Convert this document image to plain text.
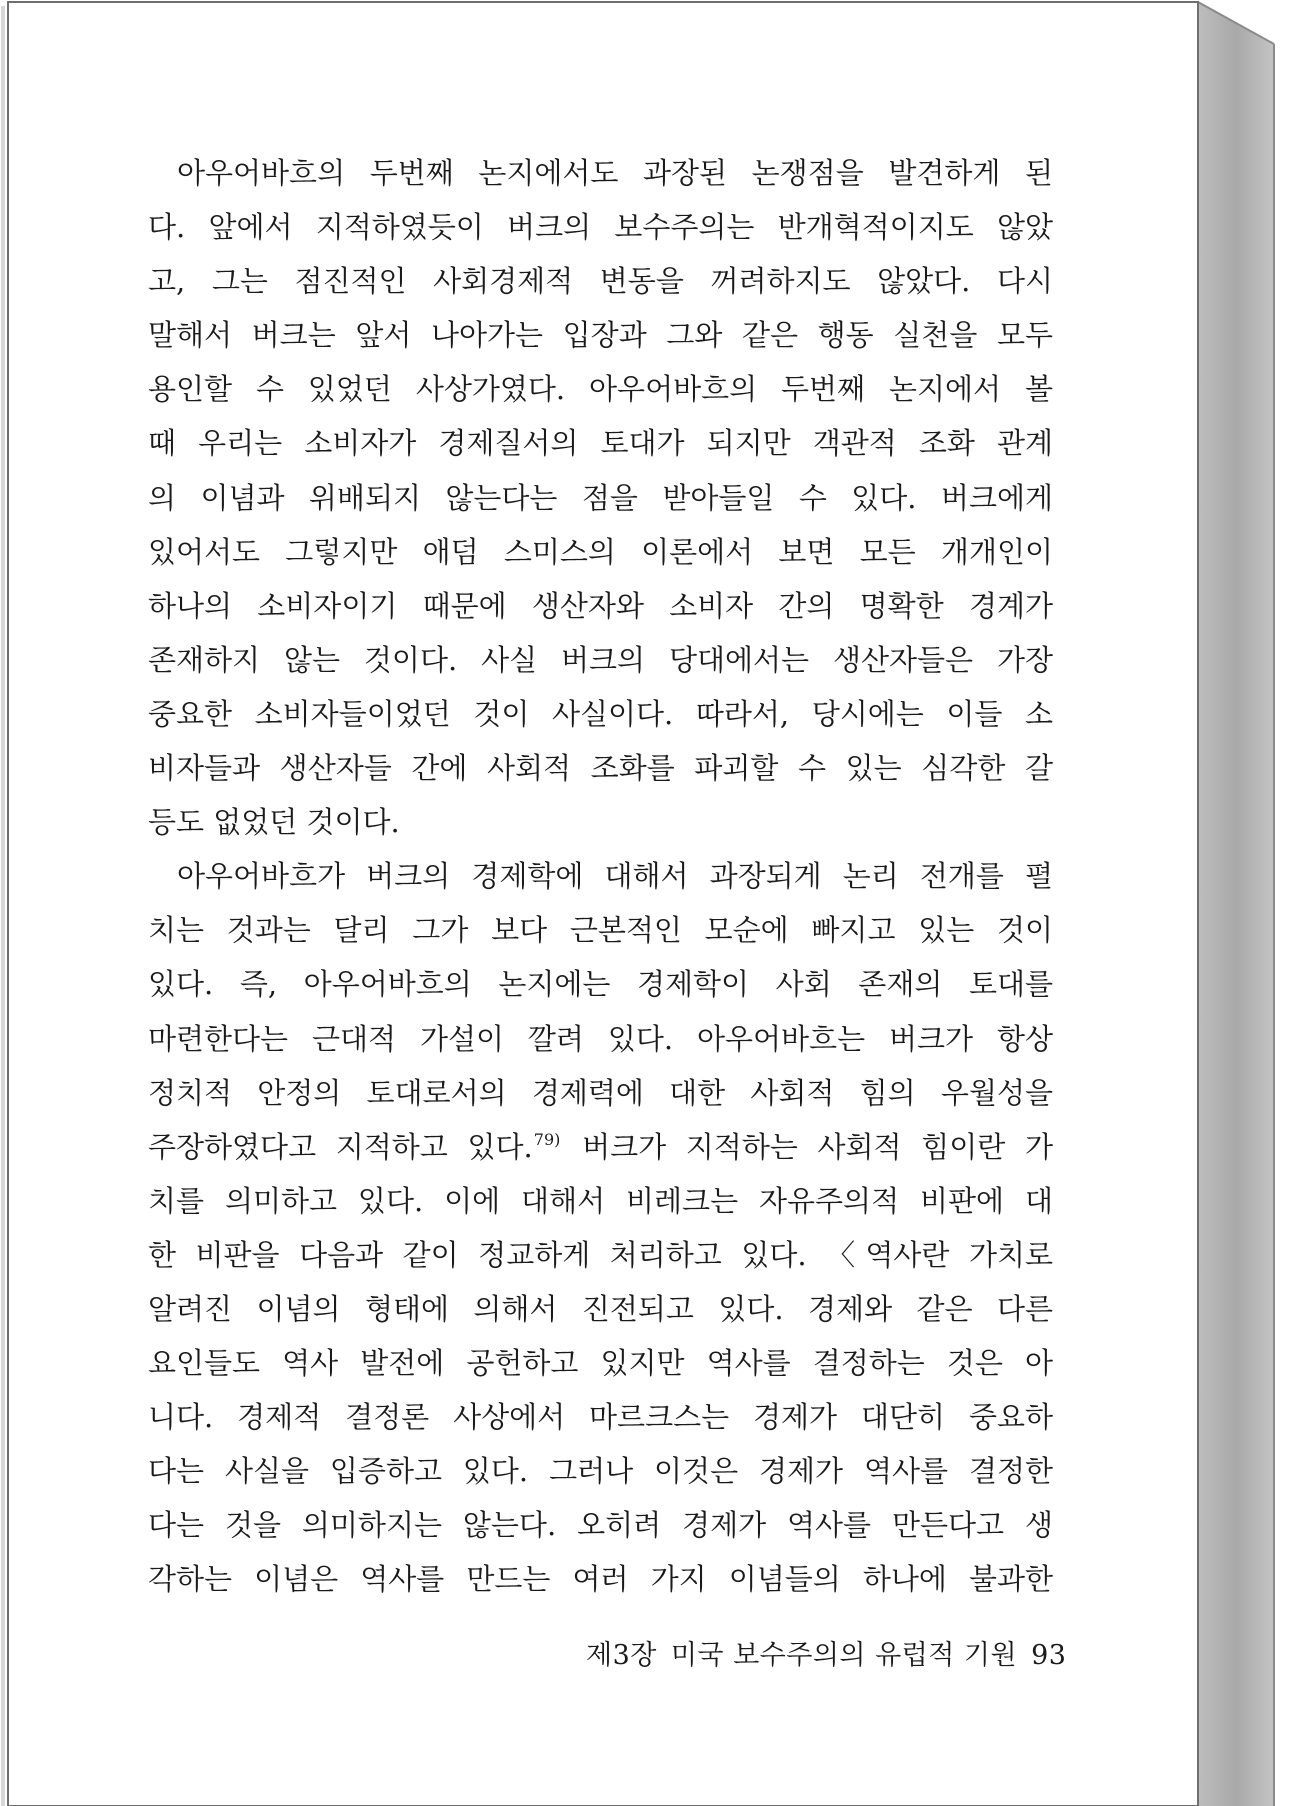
아우어바흐의 두번째 논지에서도 과장된 논쟁점을 발견하게 된
다. 앞에서 지적하였듯이 버크의 보수주의는 반개혁적이지도 않았
고, 그는 점진적인 사회경제적 변동을 꺼려하지도 않았다. 다시
말해서 버크는 앞서 나아가는 입장과 그와 같은 행동 실천을 모두
용인할 수 있었던 사상가였다. 아우어바흐의 두번째 논지에서 볼
때 우리는 소비자가 경제질서의 토대가 되지만 객관적 조화 관계
의 이념과 위배되지 않는다는 점을 받아들일 수 있다. 버크에게
있어서도 그렇지만 애덤 스미스의 이론에서 보면 모든 개개인이
하나의 소비자이기 때문에 생산자와 소비자 간의 명확한 경계가
존재하지 않는 것이다. 사실 버크의 당대에서는 생산자들은 가장
중요한 소비자들이었던 것이 사실이다. 따라서, 당시에는 이들 소
비자들과 생산자들 간에 사회적 조화를 파괴할 수 있는 심각한 갈
등도 없었던 것이다.
아우어바흐가 버크의 경제학에 대해서 과장되게 논리 전개를 펼
치는 것과는 달리 그가 보다 근본적인 모순에 빠지고 있는 것이
있다. 즉, 아우어바흐의 논지에는 경제학이 사회 존재의 토대를
마련한다는 근대적 가설이 깔려 있다. 아우어바흐는 버크가 항상
정치적 안정의 토대로서의 경제력에 대한 사회적 힘의 우월성을
주장하였다고 지적하고 있다.$^{79)}$ 버크가 지적하는 사회적 힘이란 가
치를 의미하고 있다. 이에 대해서 비레크는 자유주의적 비판에 대
한 비판을 다음과 같이 정교하게 처리하고 있다. 〈역사란 가치로
알려진 이념의 형태에 의해서 진전되고 있다. 경제와 같은 다른
요인들도 역사 발전에 공헌하고 있지만 역사를 결정하는 것은 아
니다. 경제적 결정론 사상에서 마르크스는 경제가 대단히 중요하
다는 사실을 입증하고 있다. 그러나 이것은 경제가 역사를 결정한
다는 것을 의미하지는 않는다. 오히려 경제가 역사를 만든다고 생
각하는 이념은 역사를 만드는 여러 가지 이념들의 하나에 불과한
제3장 미국 보수주의의 유럽적 기원 93
